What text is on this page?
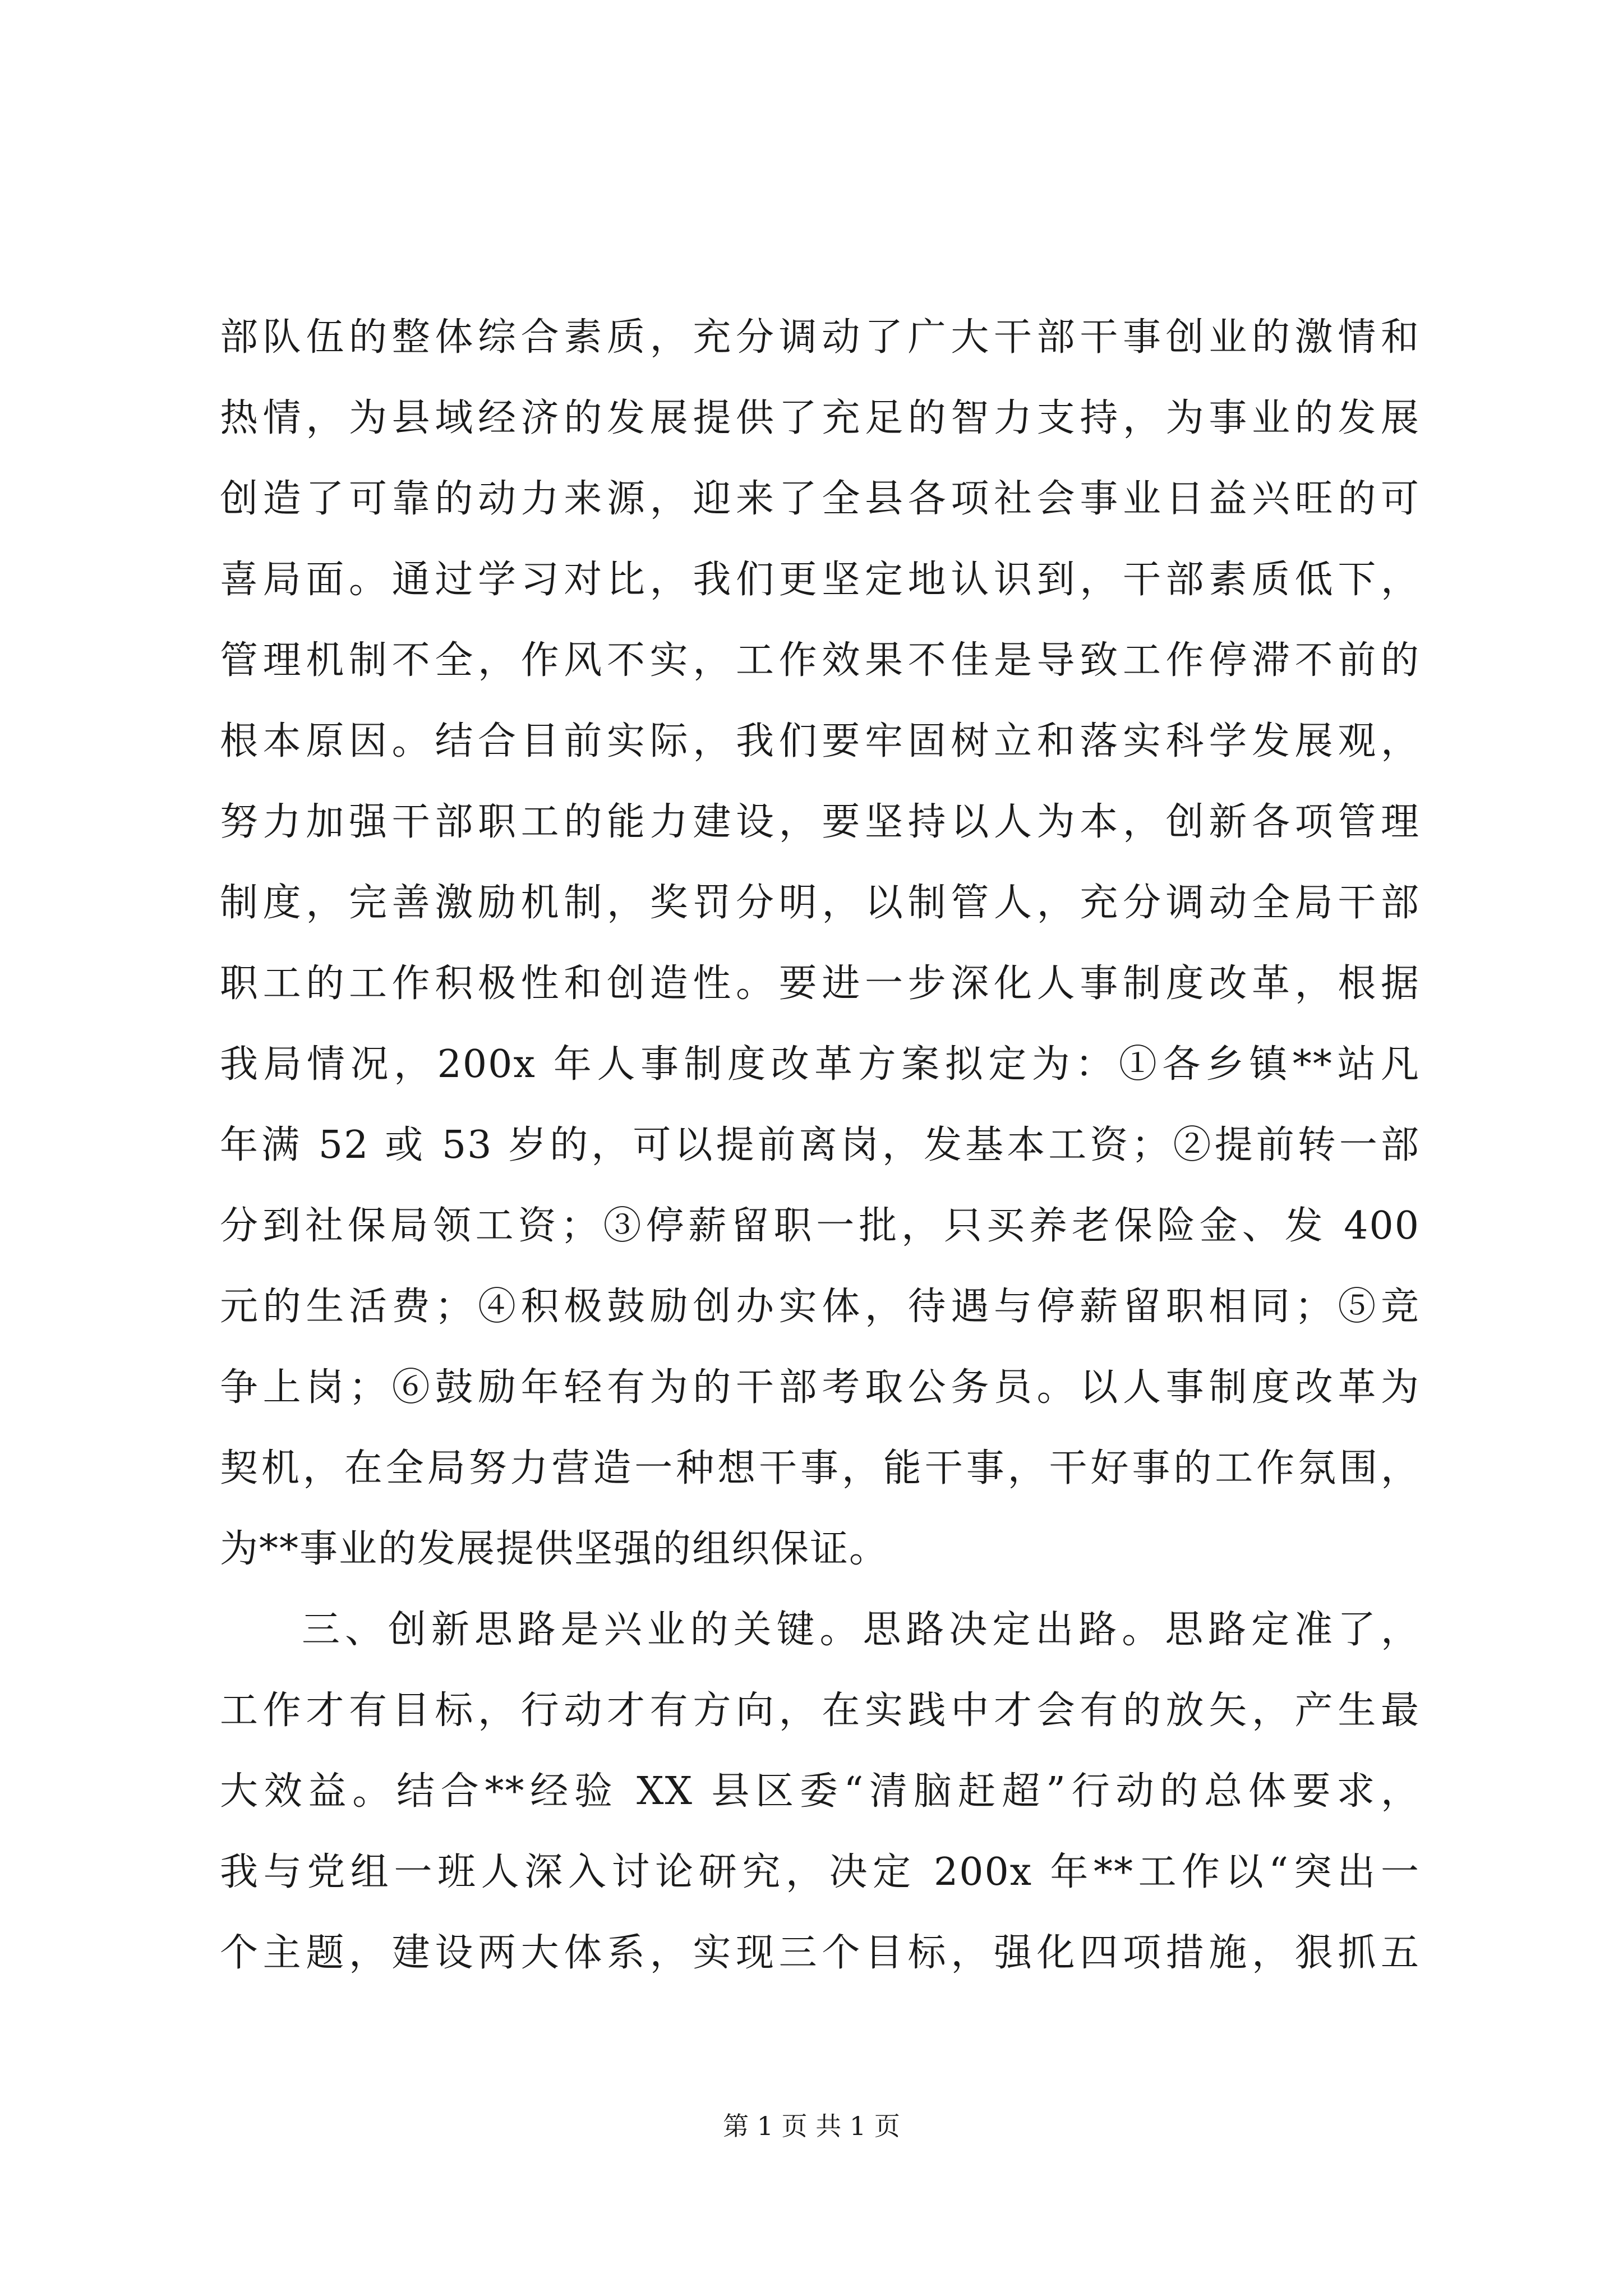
部队伍的整体综合素质，充分调动了广大干部干事创业的激情和
热情，为县域经济的发展提供了充足的智力支持，为事业的发展
创造了可靠的动力来源，迎来了全县各项社会事业日益兴旺的可
喜局面。通过学习对比，我们更坚定地认识到，干部素质低下，
管理机制不全，作风不实，工作效果不佳是导致工作停滞不前的
根本原因。结合目前实际，我们要牢固树立和落实科学发展观，
努力加强干部职工的能力建设，要坚持以人为本，创新各项管理
制度，完善激励机制，奖罚分明，以制管人，充分调动全局干部
职工的工作积极性和创造性。要进一步深化人事制度改革，根据
我局情况，200x 年人事制度改革方案拟定为：①各乡镇**站凡
年满 52 或 53 岁的，可以提前离岗，发基本工资；②提前转一部
分到社保局领工资；③停薪留职一批，只买养老保险金、发 400
元的生活费；④积极鼓励创办实体，待遇与停薪留职相同；⑤竞
争上岗；⑥鼓励年轻有为的干部考取公务员。以人事制度改革为
契机，在全局努力营造一种想干事，能干事，干好事的工作氛围，
为**事业的发展提供坚强的组织保证。
三、创新思路是兴业的关键。思路决定出路。思路定准了，
工作才有目标，行动才有方向，在实践中才会有的放矢，产生最
大效益。结合**经验 XX 县区委“清脑赶超”行动的总体要求，
我与党组一班人深入讨论研究，决定 200x 年**工作以“突出一
个主题，建设两大体系，实现三个目标，强化四项措施，狠抓五
第 1 页 共 1 页
